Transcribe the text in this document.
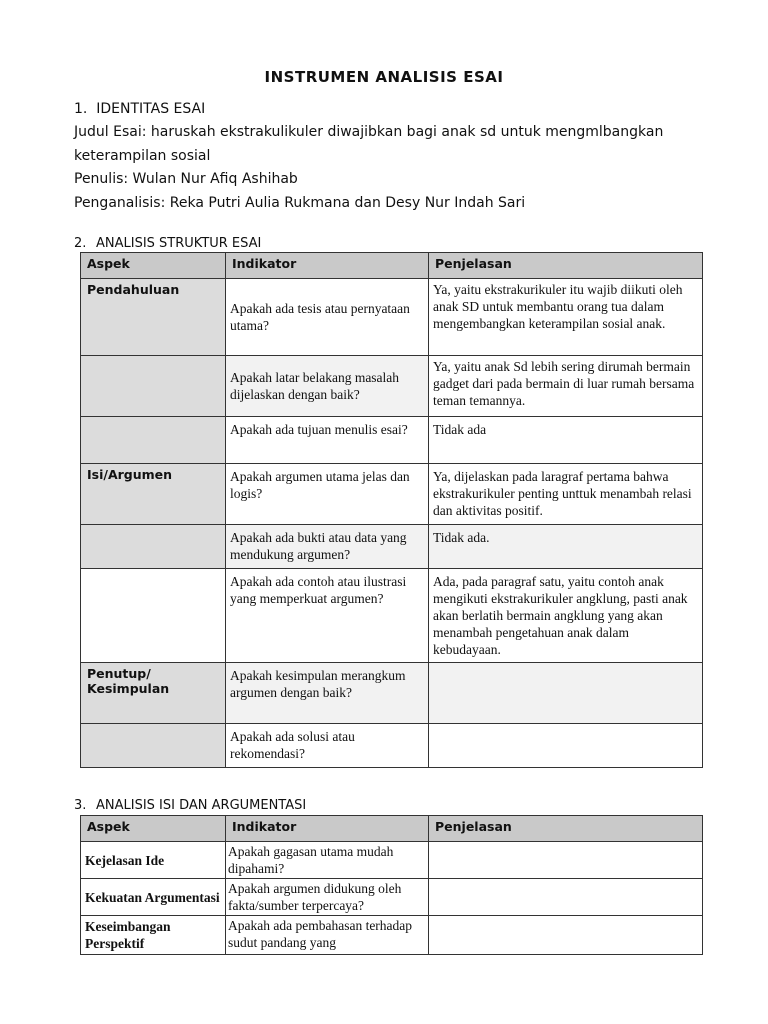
INSTRUMEN ANALISIS ESAI
1. IDENTITAS ESAI
Judul Esai: haruskah ekstrakulikuler diwajibkan bagi anak sd untuk mengmlbangkan
keterampilan sosial
Penulis: Wulan Nur Afiq Ashihab
Penganalisis: Reka Putri Aulia Rukmana dan Desy Nur Indah Sari
2. ANALISIS STRUKTUR ESAI
Aspek	Indikator	Penjelasan
Pendahuluan	Apakah ada tesis atau pernyataan utama?	Ya, yaitu ekstrakurikuler itu wajib diikuti oleh anak SD untuk membantu orang tua dalam mengembangkan keterampilan sosial anak.
	Apakah latar belakang masalah dijelaskan dengan baik?	Ya, yaitu anak Sd lebih sering dirumah bermain gadget dari pada bermain di luar rumah bersama teman temannya.
	Apakah ada tujuan menulis esai?	Tidak ada
Isi/Argumen	Apakah argumen utama jelas dan logis?	Ya, dijelaskan pada laragraf pertama bahwa ekstrakurikuler penting unttuk menambah relasi dan aktivitas positif.
	Apakah ada bukti atau data yang mendukung argumen?	Tidak ada.
	Apakah ada contoh atau ilustrasi yang memperkuat argumen?	Ada, pada paragraf satu, yaitu contoh anak mengikuti ekstrakurikuler angklung, pasti anak akan berlatih bermain angklung yang akan menambah pengetahuan anak dalam kebudayaan.
Penutup/ Kesimpulan	Apakah kesimpulan merangkum argumen dengan baik?	
	Apakah ada solusi atau rekomendasi?	
3. ANALISIS ISI DAN ARGUMENTASI
Aspek	Indikator	Penjelasan
Kejelasan Ide	Apakah gagasan utama mudah dipahami?	
Kekuatan Argumentasi	Apakah argumen didukung oleh fakta/sumber terpercaya?	
Keseimbangan Perspektif	Apakah ada pembahasan terhadap sudut pandang yang	
